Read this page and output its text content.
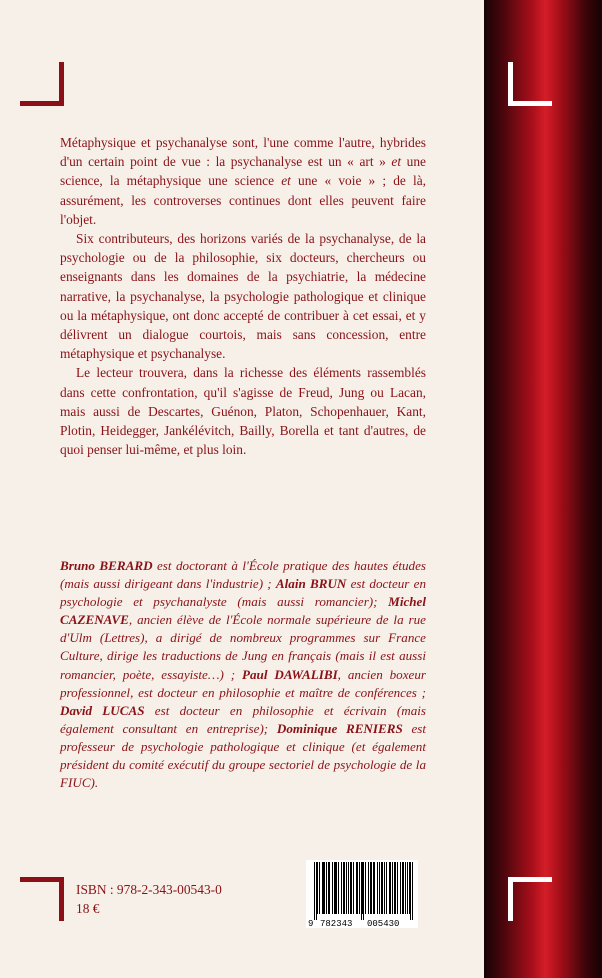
Métaphysique et psychanalyse sont, l'une comme l'autre, hybrides d'un certain point de vue : la psychanalyse est un « art » et une science, la métaphysique une science et une « voie » ; de là, assurément, les controverses continues dont elles peuvent faire l'objet.

Six contributeurs, des horizons variés de la psychanalyse, de la psychologie ou de la philosophie, six docteurs, chercheurs ou enseignants dans les domaines de la psychiatrie, la médecine narrative, la psychanalyse, la psychologie pathologique et clinique ou la métaphysique, ont donc accepté de contribuer à cet essai, et y délivrent un dialogue courtois, mais sans concession, entre métaphysique et psychanalyse.

Le lecteur trouvera, dans la richesse des éléments rassemblés dans cette confrontation, qu'il s'agisse de Freud, Jung ou Lacan, mais aussi de Descartes, Guénon, Platon, Schopenhauer, Kant, Plotin, Heidegger, Jankélévitch, Bailly, Borella et tant d'autres, de quoi penser lui-même, et plus loin.

Bruno BERARD est doctorant à l'École pratique des hautes études (mais aussi dirigeant dans l'industrie) ; Alain BRUN est docteur en psychologie et psychanalyste (mais aussi romancier); Michel CAZENAVE, ancien élève de l'École normale supérieure de la rue d'Ulm (Lettres), a dirigé de nombreux programmes sur France Culture, dirige les traductions de Jung en français (mais il est aussi romancier, poète, essayiste…) ; Paul DAWALIBI, ancien boxeur professionnel, est docteur en philosophie et maître de conférences ; David LUCAS est docteur en philosophie et écrivain (mais également consultant en entreprise); Dominique RENIERS est professeur de psychologie pathologique et clinique (et également président du comité exécutif du groupe sectoriel de psychologie de la FIUC).
ISBN : 978-2-343-00543-0
18 €
9 782343 005430
